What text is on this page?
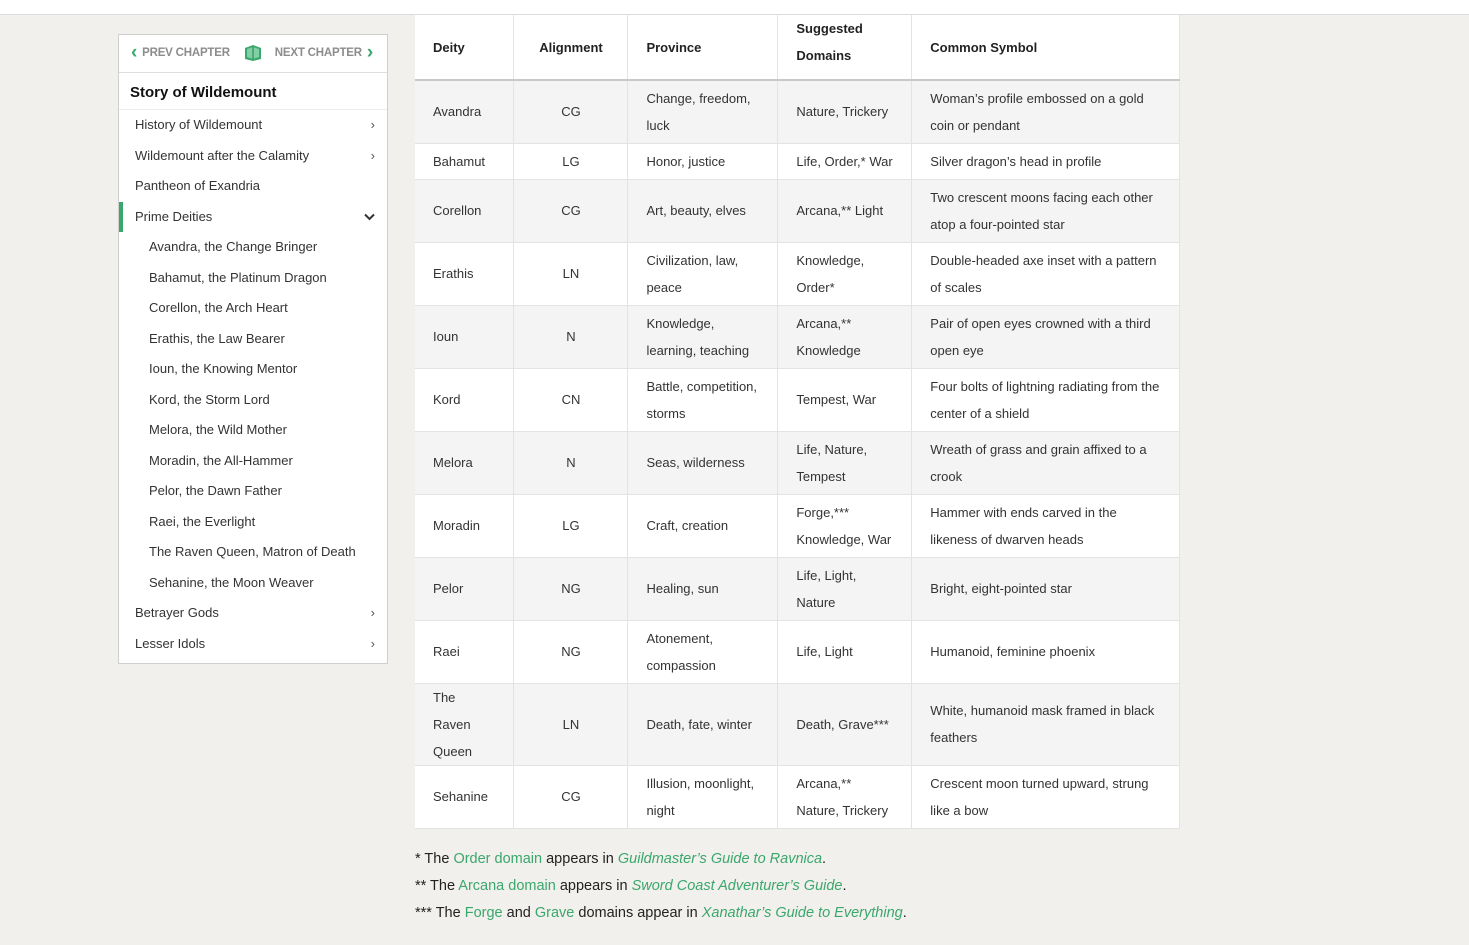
‹ PREV CHAPTER	NEXT CHAPTER ›
Story of Wildemount
History of Wildemount	›
Wildemount after the Calamity	›
Pantheon of Exandria
Prime Deities
Avandra, the Change Bringer
Bahamut, the Platinum Dragon
Corellon, the Arch Heart
Erathis, the Law Bearer
Ioun, the Knowing Mentor
Kord, the Storm Lord
Melora, the Wild Mother
Moradin, the All-Hammer
Pelor, the Dawn Father
Raei, the Everlight
The Raven Queen, Matron of Death
Sehanine, the Moon Weaver
Betrayer Gods	›
Lesser Idols	›
Deity	Alignment	Province	Suggested Domains	Common Symbol
Avandra	CG	Change, freedom, luck	Nature, Trickery	Woman’s profile embossed on a gold coin or pendant
Bahamut	LG	Honor, justice	Life, Order,* War	Silver dragon’s head in profile
Corellon	CG	Art, beauty, elves	Arcana,** Light	Two crescent moons facing each other atop a four-pointed star
Erathis	LN	Civilization, law, peace	Knowledge, Order*	Double-headed axe inset with a pattern of scales
Ioun	N	Knowledge, learning, teaching	Arcana,** Knowledge	Pair of open eyes crowned with a third open eye
Kord	CN	Battle, competition, storms	Tempest, War	Four bolts of lightning radiating from the center of a shield
Melora	N	Seas, wilderness	Life, Nature, Tempest	Wreath of grass and grain affixed to a crook
Moradin	LG	Craft, creation	Forge,*** Knowledge, War	Hammer with ends carved in the likeness of dwarven heads
Pelor	NG	Healing, sun	Life, Light, Nature	Bright, eight-pointed star
Raei	NG	Atonement, compassion	Life, Light	Humanoid, feminine phoenix
The Raven Queen	LN	Death, fate, winter	Death, Grave***	White, humanoid mask framed in black feathers
Sehanine	CG	Illusion, moonlight, night	Arcana,** Nature, Trickery	Crescent moon turned upward, strung like a bow

* The Order domain appears in Guildmaster’s Guide to Ravnica.

** The Arcana domain appears in Sword Coast Adventurer’s Guide.

*** The Forge and Grave domains appear in Xanathar’s Guide to Everything.
